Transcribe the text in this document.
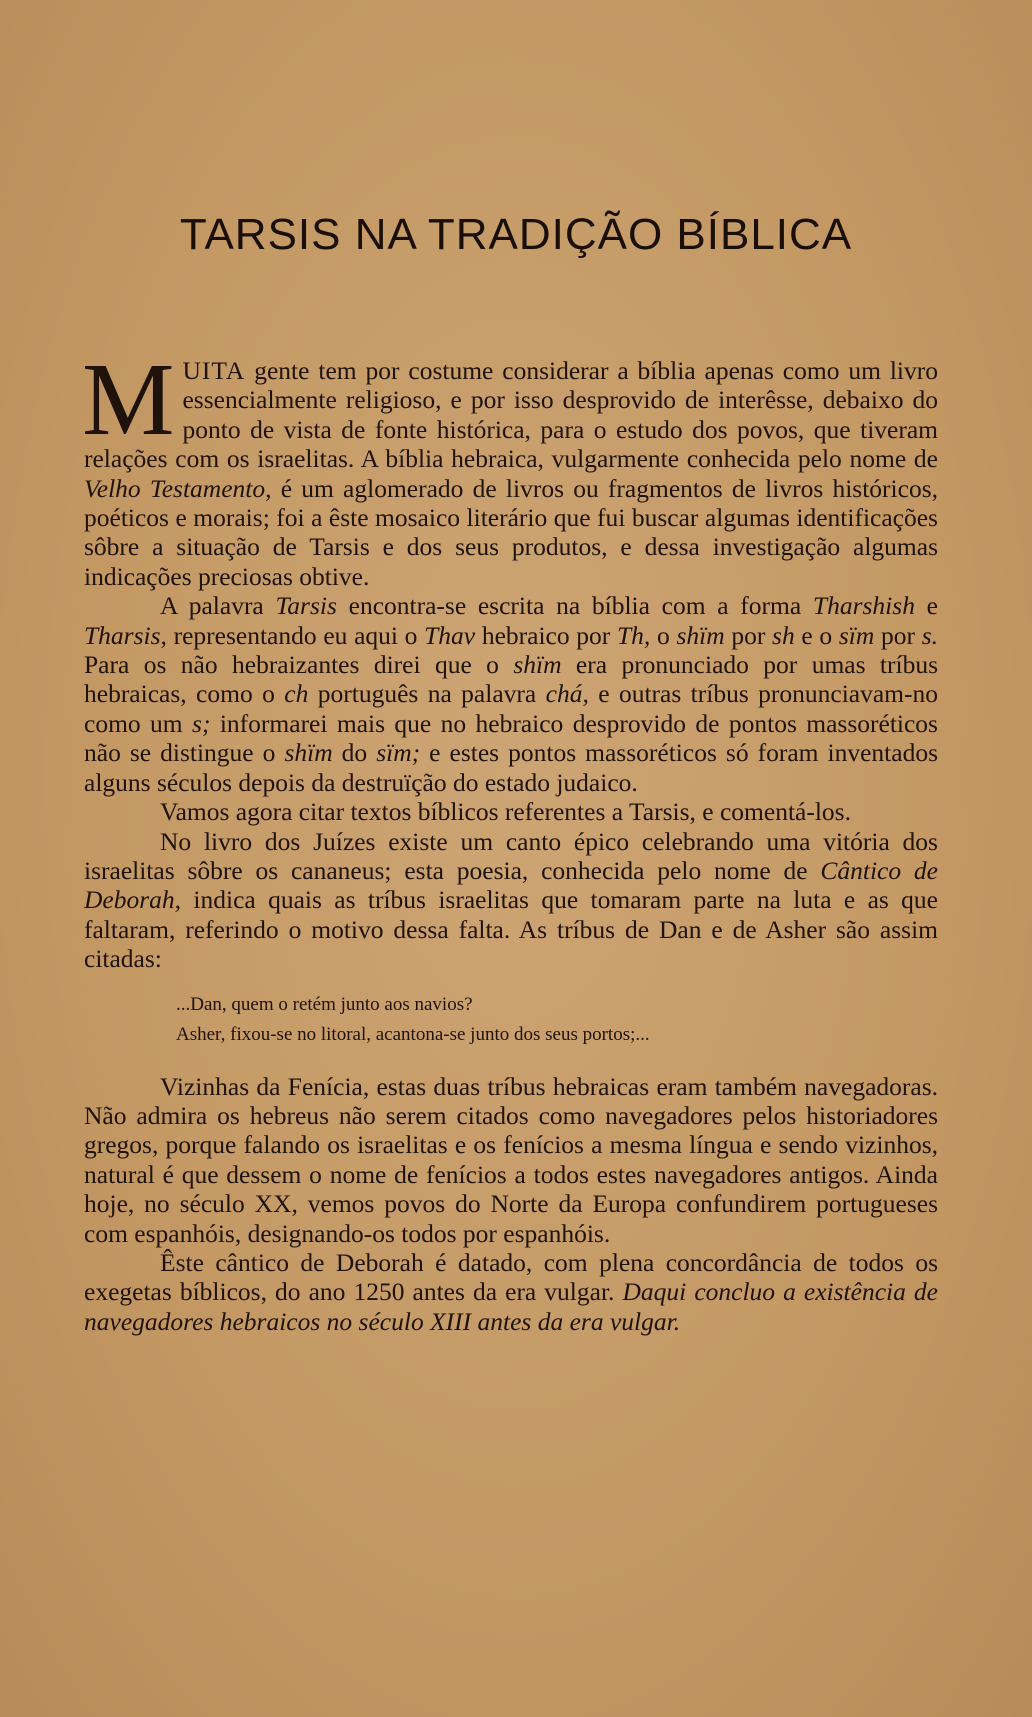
TARSIS NA TRADIÇÃO BÍBLICA

MUITA gente tem por costume considerar a bíblia apenas como um livro essencialmente religioso, e por isso desprovido de interêsse, debaixo do ponto de vista de fonte histórica, para o estudo dos povos, que tiveram relações com os israelitas. A bíblia hebraica, vulgarmente conhecida pelo nome de Velho Testamento, é um aglomerado de livros ou fragmentos de livros históricos, poéticos e morais; foi a êste mosaico literário que fui buscar algumas identificações sôbre a situação de Tarsis e dos seus produtos, e dessa investigação algumas indicações preciosas obtive.

A palavra Tarsis encontra-se escrita na bíblia com a forma Tharshish e Tharsis, representando eu aqui o Thav hebraico por Th, o shïm por sh e o sïm por s. Para os não hebraizantes direi que o shïm era pronunciado por umas tríbus hebraicas, como o ch português na palavra chá, e outras tríbus pronunciavam-no como um s; informarei mais que no hebraico desprovido de pontos massoréticos não se distingue o shïm do sïm; e estes pontos massoréticos só foram inventados alguns séculos depois da destruïção do estado judaico.

Vamos agora citar textos bíblicos referentes a Tarsis, e comentá-los.

No livro dos Juízes existe um canto épico celebrando uma vitória dos israelitas sôbre os cananeus; esta poesia, conhecida pelo nome de Cântico de Deborah, indica quais as tríbus israelitas que tomaram parte na luta e as que faltaram, referindo o motivo dessa falta. As tríbus de Dan e de Asher são assim citadas:

...Dan, quem o retém junto aos navios?
Asher, fixou-se no litoral, acantona-se junto dos seus portos;...

Vizinhas da Fenícia, estas duas tríbus hebraicas eram também navegadoras. Não admira os hebreus não serem citados como navegadores pelos historiadores gregos, porque falando os israelitas e os fenícios a mesma língua e sendo vizinhos, natural é que dessem o nome de fenícios a todos estes navegadores antigos. Ainda hoje, no século XX, vemos povos do Norte da Europa confundirem portugueses com espanhóis, designando-os todos por espanhóis.

Êste cântico de Deborah é datado, com plena concordância de todos os exegetas bíblicos, do ano 1250 antes da era vulgar. Daqui concluo a existência de navegadores hebraicos no século XIII antes da era vulgar.
